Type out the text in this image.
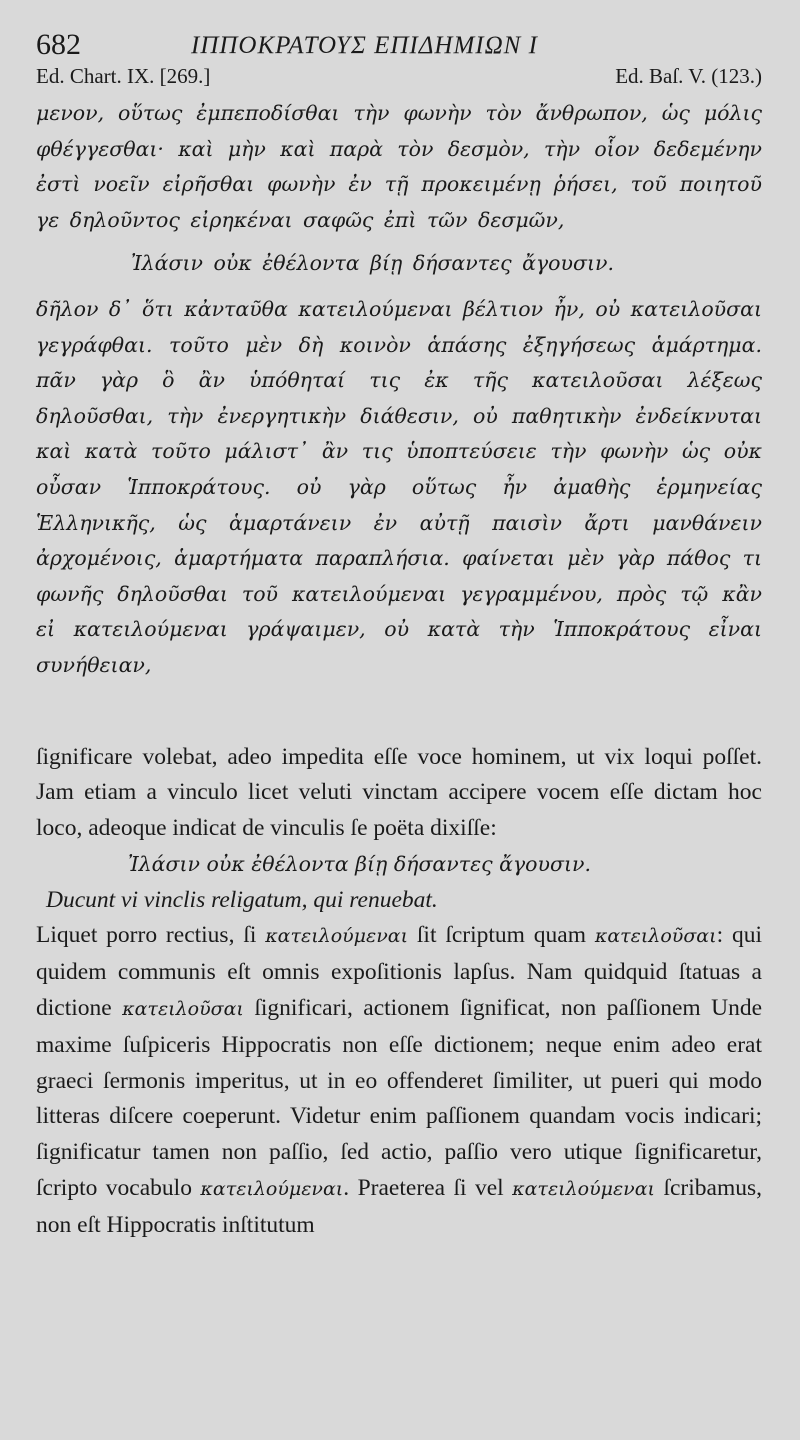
682	ΙΠΠΟΚΡΑΤΟΥΣ ΕΠΙΔΗΜΙΩΝ Ι
Ed. Chart. IX. [269.]	Ed. Baſ. V. (123.)

μενον, οὕτως ἐμπεποδίσθαι τὴν φωνὴν τὸν ἄνθρωπον, ὡς μόλις φθέγγεσθαι· καὶ μὴν καὶ παρὰ τὸν δεσμὸν, τὴν οἷον δεδεμένην ἐστὶ νοεῖν εἰρῆσθαι φωνὴν ἐν τῇ προκειμένῃ ῥήσει, τοῦ ποιητοῦ γε δηλοῦντος εἰρηκέναι σαφῶς ἐπὶ τῶν δεσμῶν,

Ἰλάσιν οὐκ ἐθέλοντα βίῃ δήσαντες ἄγουσιν.

δῆλον δ᾽ ὅτι κἀνταῦθα κατειλούμεναι βέλτιον ἦν, οὐ κατειλοῦσαι γεγράφθαι. τοῦτο μὲν δὴ κοινὸν ἁπάσης ἐξηγήσεως ἁμάρτημα. πᾶν γὰρ ὃ ἂν ὑπόθηταί τις ἐκ τῆς κατειλοῦσαι λέξεως δηλοῦσθαι, τὴν ἐνεργητικὴν διάθεσιν, οὐ παθητικὴν ἐνδείκνυται καὶ κατὰ τοῦτο μάλιστ᾽ ἂν τις ὑποπτεύσειε τὴν φωνὴν ὡς οὐκ οὖσαν Ἱπποκράτους. οὐ γὰρ οὕτως ἦν ἀμαθὴς ἑρμηνείας Ἑλληνικῆς, ὡς ἁμαρτάνειν ἐν αὐτῇ παισὶν ἄρτι μανθάνειν ἀρχομένοις, ἁμαρτήματα παραπλήσια. φαίνεται μὲν γὰρ πάθος τι φωνῆς δηλοῦσθαι τοῦ κατειλούμεναι γεγραμμένου, πρὸς τῷ κἂν εἰ κατειλούμεναι γράψαιμεν, οὐ κατὰ τὴν Ἱπποκράτους εἶναι συνήθειαν,

ſignificare volebat, adeo impedita eſſe voce hominem, ut vix loqui poſſet. Jam etiam a vinculo licet veluti vinctam accipere vocem eſſe dictam hoc loco, adeoque indicat de vinculis ſe poëta dixiſſe:

Ἰλάσιν οὐκ ἐθέλοντα βίῃ δήσαντες ἄγουσιν.

Ducunt vi vinclis religatum, qui renuebat.

Liquet porro rectius, ſi κατειλούμεναι ſit ſcriptum quam κατειλοῦσαι: qui quidem communis eſt omnis expoſitionis lapſus. Nam quidquid ſtatuas a dictione κατειλοῦσαι ſignificari, actionem ſignificat, non paſſionem Unde maxime ſuſpiceris Hippocratis non eſſe dictionem; neque enim adeo erat graeci ſermonis imperitus, ut in eo offenderet ſimiliter, ut pueri qui modo litteras diſcere coeperunt. Videtur enim paſſionem quandam vocis indicari; ſignificatur tamen non paſſio, ſed actio, paſſio vero utique ſignificaretur, ſcripto vocabulo κατειλούμεναι. Praeterea ſi vel κατειλούμεναι ſcribamus, non eſt Hippocratis inſtitutum
